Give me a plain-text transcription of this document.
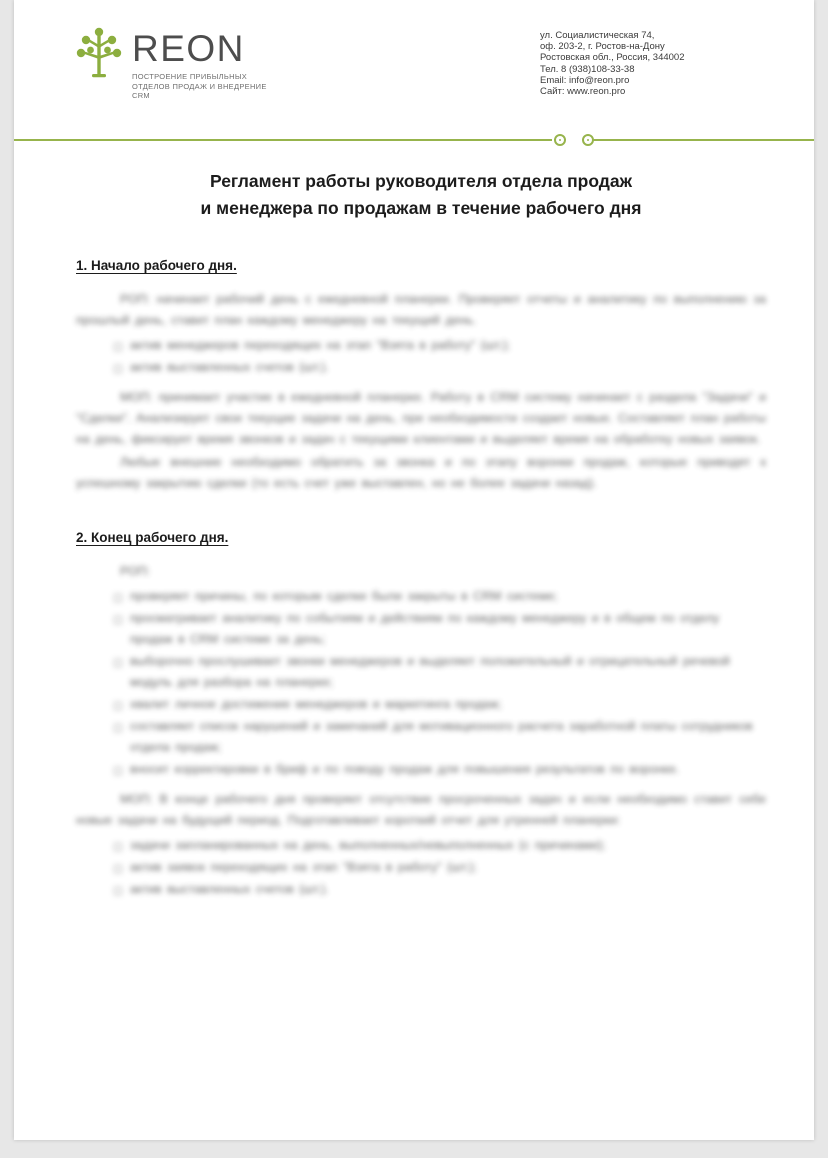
REON
ПОСТРОЕНИЕ ПРИБЫЛЬНЫХ ОТДЕЛОВ ПРОДАЖ И ВНЕДРЕНИЕ CRM
ул. Социалистическая 74,
оф. 203-2, г. Ростов-на-Дону
Ростовская обл., Россия, 344002
Тел. 8 (938)108-33-38
Email: info@reon.pro
Сайт: www.reon.pro
Регламент работы руководителя отдела продаж
и менеджера по продажам в течение рабочего дня
1. Начало рабочего дня.

РОП: начинает рабочий день с ежедневной планерки. Проверяет отчеты и аналитику по выполнению за прошлый день, ставит план каждому менеджеру на текущий день.

актив менеджеров переходящих на этап "Взята в работу" (шт.);
актив выставленных счетов (шт.).

МОП: принимает участие в ежедневной планерке. Работу в CRM систему начинает с раздела "Задачи" и "Сделки". Анализирует свои текущие задачи на день, при необходимости создает новые. Составляет план работы на день, фиксирует время звонков и задач с текущими клиентами и выделяет время на обработку новых заявок.

Любые внешние необходимо обратить за звонка и по этапу воронки продаж, которые приводят к успешному закрытию сделки (то есть счет уже выставлен, но не более задачи назад).

2. Конец рабочего дня.

РОП:

проверяет причины, по которым сделки были закрыты в CRM системе;
просматривает аналитику по событиям и действиям по каждому менеджеру и в общем по отделу продаж в CRM системе за день;
выборочно прослушивает звонки менеджеров и выделяет положительный и отрицательный речевой модуль для разбора на планерке;
хвалит личное достижение менеджеров и маркетинга продаж;
составляет список нарушений и замечаний для мотивационного расчета заработной платы сотрудников отдела продаж;
вносит корректировки в бриф и по поводу продаж для повышения результатов по воронке.

МОП: В конце рабочего дня проверяет отсутствие просроченных задач и если необходимо ставит себе новые задачи на будущий период. Подготавливает короткий отчет для утренней планерки:

задачи запланированных на день, выполненных/невыполненных (с причинами);
актив заявок переходящих на этап "Взята в работу" (шт.);
актив выставленных счетов (шт.).
